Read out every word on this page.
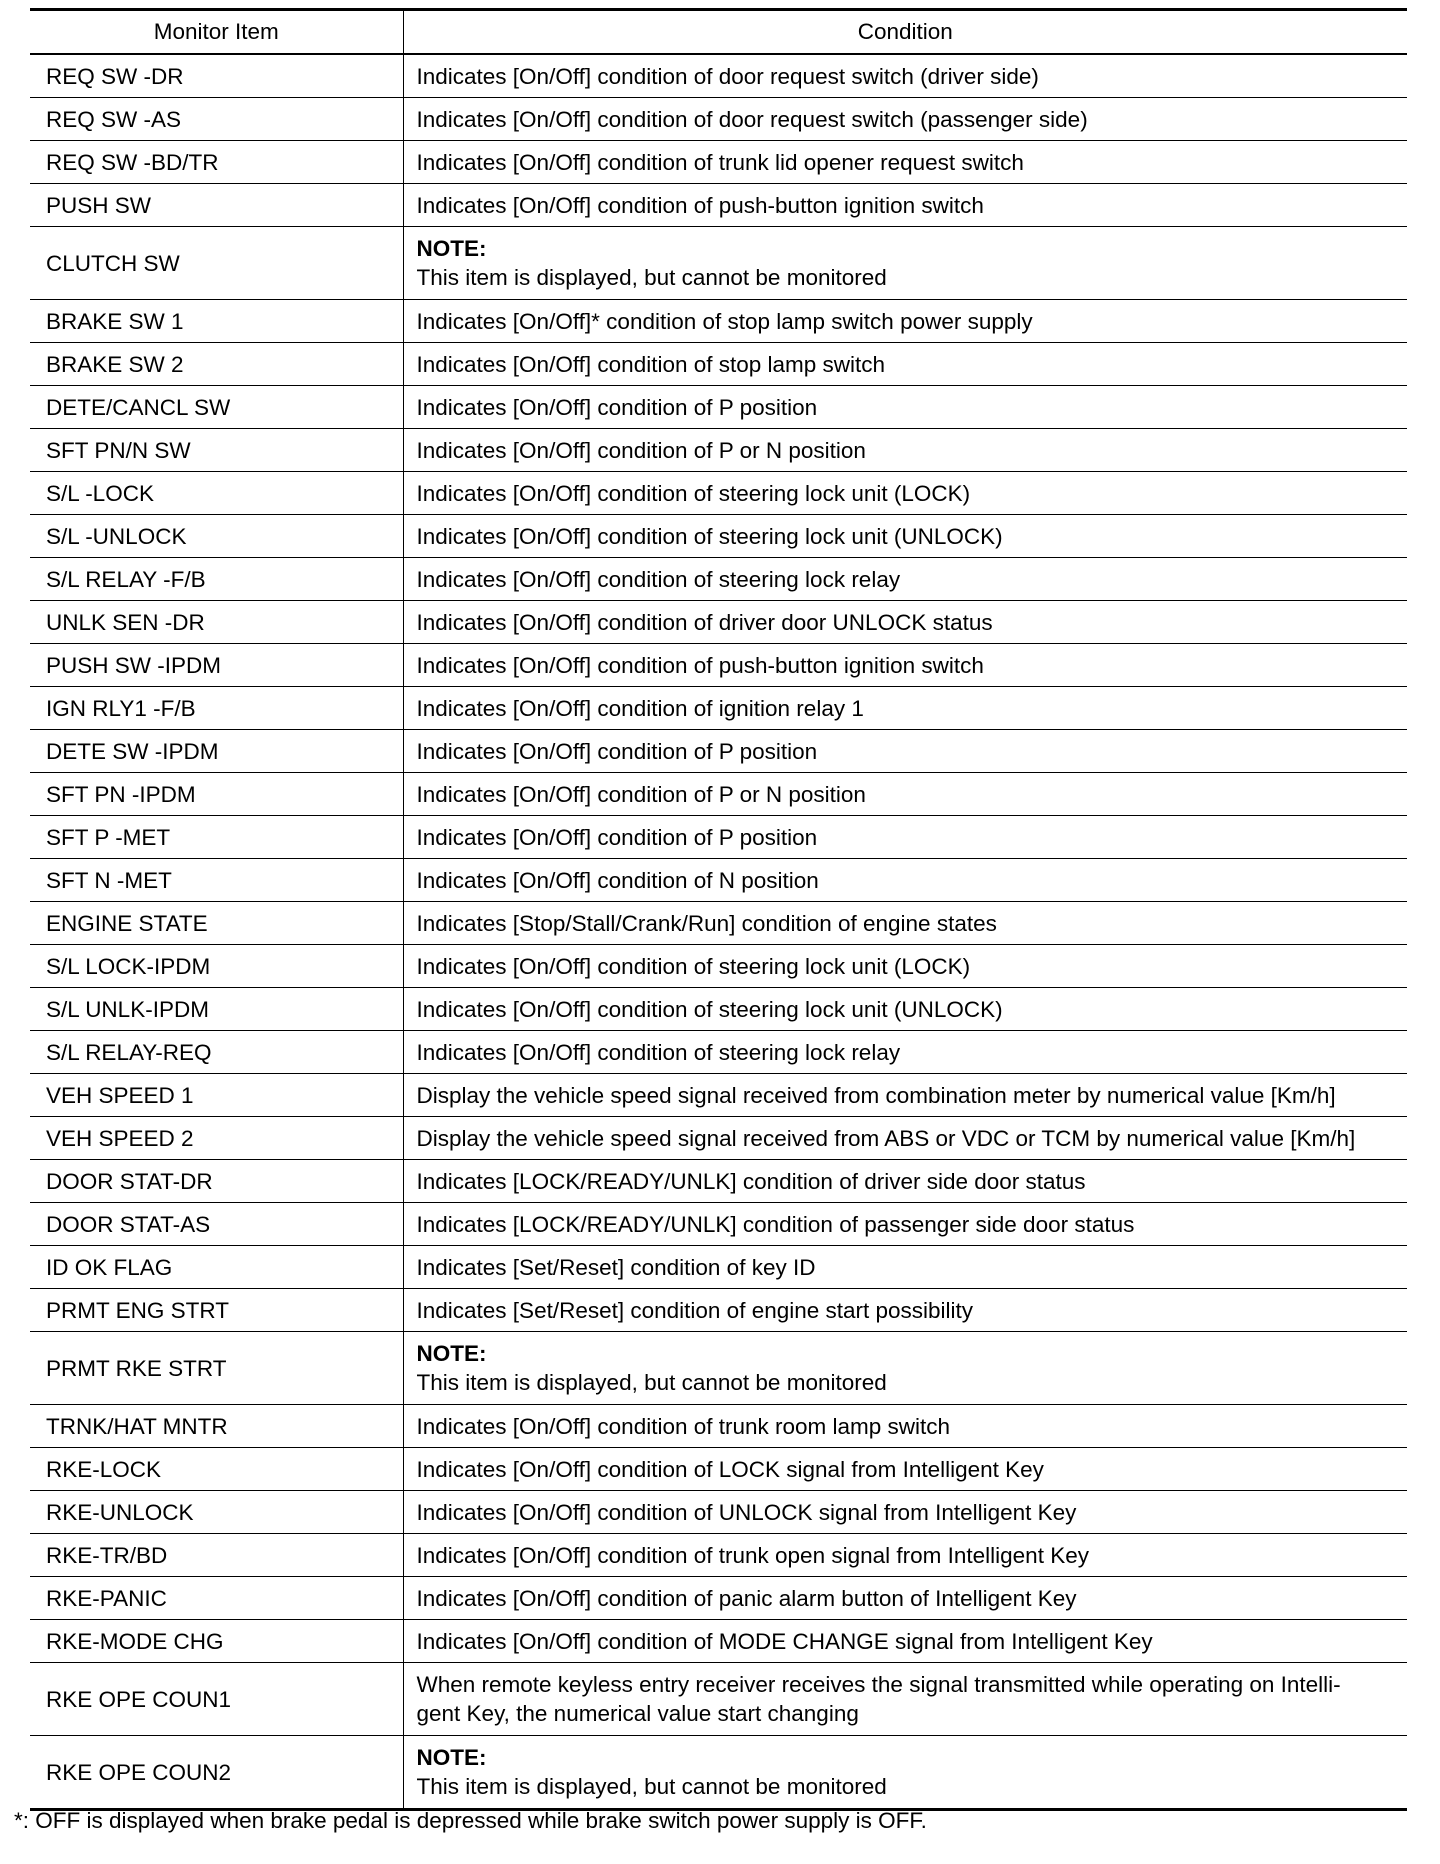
Monitor Item	Condition
REQ SW -DR	Indicates [On/Off] condition of door request switch (driver side)
REQ SW -AS	Indicates [On/Off] condition of door request switch (passenger side)
REQ SW -BD/TR	Indicates [On/Off] condition of trunk lid opener request switch
PUSH SW	Indicates [On/Off] condition of push-button ignition switch
CLUTCH SW	NOTE:
This item is displayed, but cannot be monitored

BRAKE SW 1	Indicates [On/Off]* condition of stop lamp switch power supply
BRAKE SW 2	Indicates [On/Off] condition of stop lamp switch
DETE/CANCL SW	Indicates [On/Off] condition of P position
SFT PN/N SW	Indicates [On/Off] condition of P or N position
S/L -LOCK	Indicates [On/Off] condition of steering lock unit (LOCK)
S/L -UNLOCK	Indicates [On/Off] condition of steering lock unit (UNLOCK)
S/L RELAY -F/B	Indicates [On/Off] condition of steering lock relay
UNLK SEN -DR	Indicates [On/Off] condition of driver door UNLOCK status
PUSH SW -IPDM	Indicates [On/Off] condition of push-button ignition switch
IGN RLY1 -F/B	Indicates [On/Off] condition of ignition relay 1
DETE SW -IPDM	Indicates [On/Off] condition of P position
SFT PN -IPDM	Indicates [On/Off] condition of P or N position
SFT P -MET	Indicates [On/Off] condition of P position
SFT N -MET	Indicates [On/Off] condition of N position
ENGINE STATE	Indicates [Stop/Stall/Crank/Run] condition of engine states
S/L LOCK-IPDM	Indicates [On/Off] condition of steering lock unit (LOCK)
S/L UNLK-IPDM	Indicates [On/Off] condition of steering lock unit (UNLOCK)
S/L RELAY-REQ	Indicates [On/Off] condition of steering lock relay
VEH SPEED 1	Display the vehicle speed signal received from combination meter by numerical value [Km/h]
VEH SPEED 2	Display the vehicle speed signal received from ABS or VDC or TCM by numerical value [Km/h]
DOOR STAT-DR	Indicates [LOCK/READY/UNLK] condition of driver side door status
DOOR STAT-AS	Indicates [LOCK/READY/UNLK] condition of passenger side door status
ID OK FLAG	Indicates [Set/Reset] condition of key ID
PRMT ENG STRT	Indicates [Set/Reset] condition of engine start possibility
PRMT RKE STRT	NOTE:
This item is displayed, but cannot be monitored

TRNK/HAT MNTR	Indicates [On/Off] condition of trunk room lamp switch
RKE-LOCK	Indicates [On/Off] condition of LOCK signal from Intelligent Key
RKE-UNLOCK	Indicates [On/Off] condition of UNLOCK signal from Intelligent Key
RKE-TR/BD	Indicates [On/Off] condition of trunk open signal from Intelligent Key
RKE-PANIC	Indicates [On/Off] condition of panic alarm button of Intelligent Key
RKE-MODE CHG	Indicates [On/Off] condition of MODE CHANGE signal from Intelligent Key
RKE OPE COUN1	When remote keyless entry receiver receives the signal transmitted while operating on Intelli-
gent Key, the numerical value start changing

RKE OPE COUN2	NOTE:
This item is displayed, but cannot be monitored
*: OFF is displayed when brake pedal is depressed while brake switch power supply is OFF.
